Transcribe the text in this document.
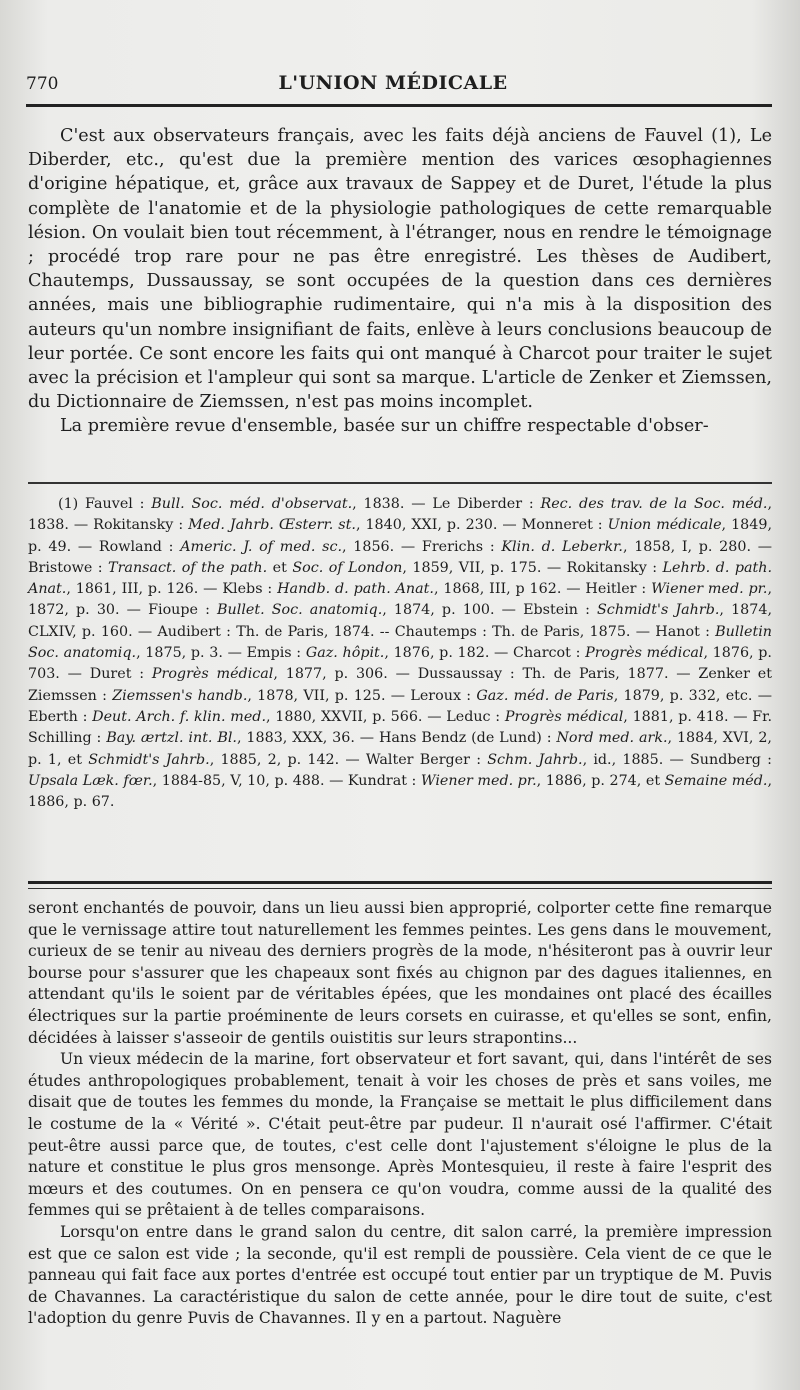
770	L'UNION MÉDICALE

C'est aux observateurs français, avec les faits déjà anciens de Fauvel (1), Le Diberder, etc., qu'est due la première mention des varices œsophagiennes d'origine hépatique, et, grâce aux travaux de Sappey et de Duret, l'étude la plus complète de l'anatomie et de la physiologie pathologiques de cette remarquable lésion. On voulait bien tout récemment, à l'étranger, nous en rendre le témoignage ; procédé trop rare pour ne pas être enregistré. Les thèses de Audibert, Chautemps, Dussaussay, se sont occupées de la question dans ces dernières années, mais une bibliographie rudimentaire, qui n'a mis à la disposition des auteurs qu'un nombre insignifiant de faits, enlève à leurs conclusions beaucoup de leur portée. Ce sont encore les faits qui ont manqué à Charcot pour traiter le sujet avec la précision et l'ampleur qui sont sa marque. L'article de Zenker et Ziemssen, du Dictionnaire de Ziemssen, n'est pas moins incomplet.

La première revue d'ensemble, basée sur un chiffre respectable d'obser-

(1) Fauvel : Bull. Soc. méd. d'observat., 1838. — Le Diberder : Rec. des trav. de la Soc. méd., 1838. — Rokitansky : Med. Jahrb. Œsterr. st., 1840, XXI, p. 230. — Monneret : Union médicale, 1849, p. 49. — Rowland : Americ. J. of med. sc., 1856. — Frerichs : Klin. d. Leberkr., 1858, I, p. 280. — Bristowe : Transact. of the path. et Soc. of London, 1859, VII, p. 175. — Rokitansky : Lehrb. d. path. Anat., 1861, III, p. 126. — Klebs : Handb. d. path. Anat., 1868, III, p 162. — Heitler : Wiener med. pr., 1872, p. 30. — Fioupe : Bullet. Soc. anatomiq., 1874, p. 100. — Ebstein : Schmidt's Jahrb., 1874, CLXIV, p. 160. — Audibert : Th. de Paris, 1874. -- Chautemps : Th. de Paris, 1875. — Hanot : Bulletin Soc. anatomiq., 1875, p. 3. — Empis : Gaz. hôpit., 1876, p. 182. — Charcot : Progrès médical, 1876, p. 703. — Duret : Progrès médical, 1877, p. 306. — Dussaussay : Th. de Paris, 1877. — Zenker et Ziemssen : Ziemssen's handb., 1878, VII, p. 125. — Leroux : Gaz. méd. de Paris, 1879, p. 332, etc. — Eberth : Deut. Arch. f. klin. med., 1880, XXVII, p. 566. — Leduc : Progrès médical, 1881, p. 418. — Fr. Schilling : Bay. ærtzl. int. Bl., 1883, XXX, 36. — Hans Bendz (de Lund) : Nord med. ark., 1884, XVI, 2, p. 1, et Schmidt's Jahrb., 1885, 2, p. 142. — Walter Berger : Schm. Jahrb., id., 1885. — Sundberg : Upsala Læk. fœr., 1884-85, V, 10, p. 488. — Kundrat : Wiener med. pr., 1886, p. 274, et Semaine méd., 1886, p. 67.

seront enchantés de pouvoir, dans un lieu aussi bien approprié, colporter cette fine remarque que le vernissage attire tout naturellement les femmes peintes. Les gens dans le mouvement, curieux de se tenir au niveau des derniers progrès de la mode, n'hésiteront pas à ouvrir leur bourse pour s'assurer que les chapeaux sont fixés au chignon par des dagues italiennes, en attendant qu'ils le soient par de véritables épées, que les mondaines ont placé des écailles électriques sur la partie proéminente de leurs corsets en cuirasse, et qu'elles se sont, enfin, décidées à laisser s'asseoir de gentils ouistitis sur leurs strapontins...

Un vieux médecin de la marine, fort observateur et fort savant, qui, dans l'intérêt de ses études anthropologiques probablement, tenait à voir les choses de près et sans voiles, me disait que de toutes les femmes du monde, la Française se mettait le plus difficilement dans le costume de la « Vérité ». C'était peut-être par pudeur. Il n'aurait osé l'affirmer. C'était peut-être aussi parce que, de toutes, c'est celle dont l'ajustement s'éloigne le plus de la nature et constitue le plus gros mensonge. Après Montesquieu, il reste à faire l'esprit des mœurs et des coutumes. On en pensera ce qu'on voudra, comme aussi de la qualité des femmes qui se prêtaient à de telles comparaisons.

Lorsqu'on entre dans le grand salon du centre, dit salon carré, la première impression est que ce salon est vide ; la seconde, qu'il est rempli de poussière. Cela vient de ce que le panneau qui fait face aux portes d'entrée est occupé tout entier par un tryptique de M. Puvis de Chavannes. La caractéristique du salon de cette année, pour le dire tout de suite, c'est l'adoption du genre Puvis de Chavannes. Il y en a partout. Naguère
